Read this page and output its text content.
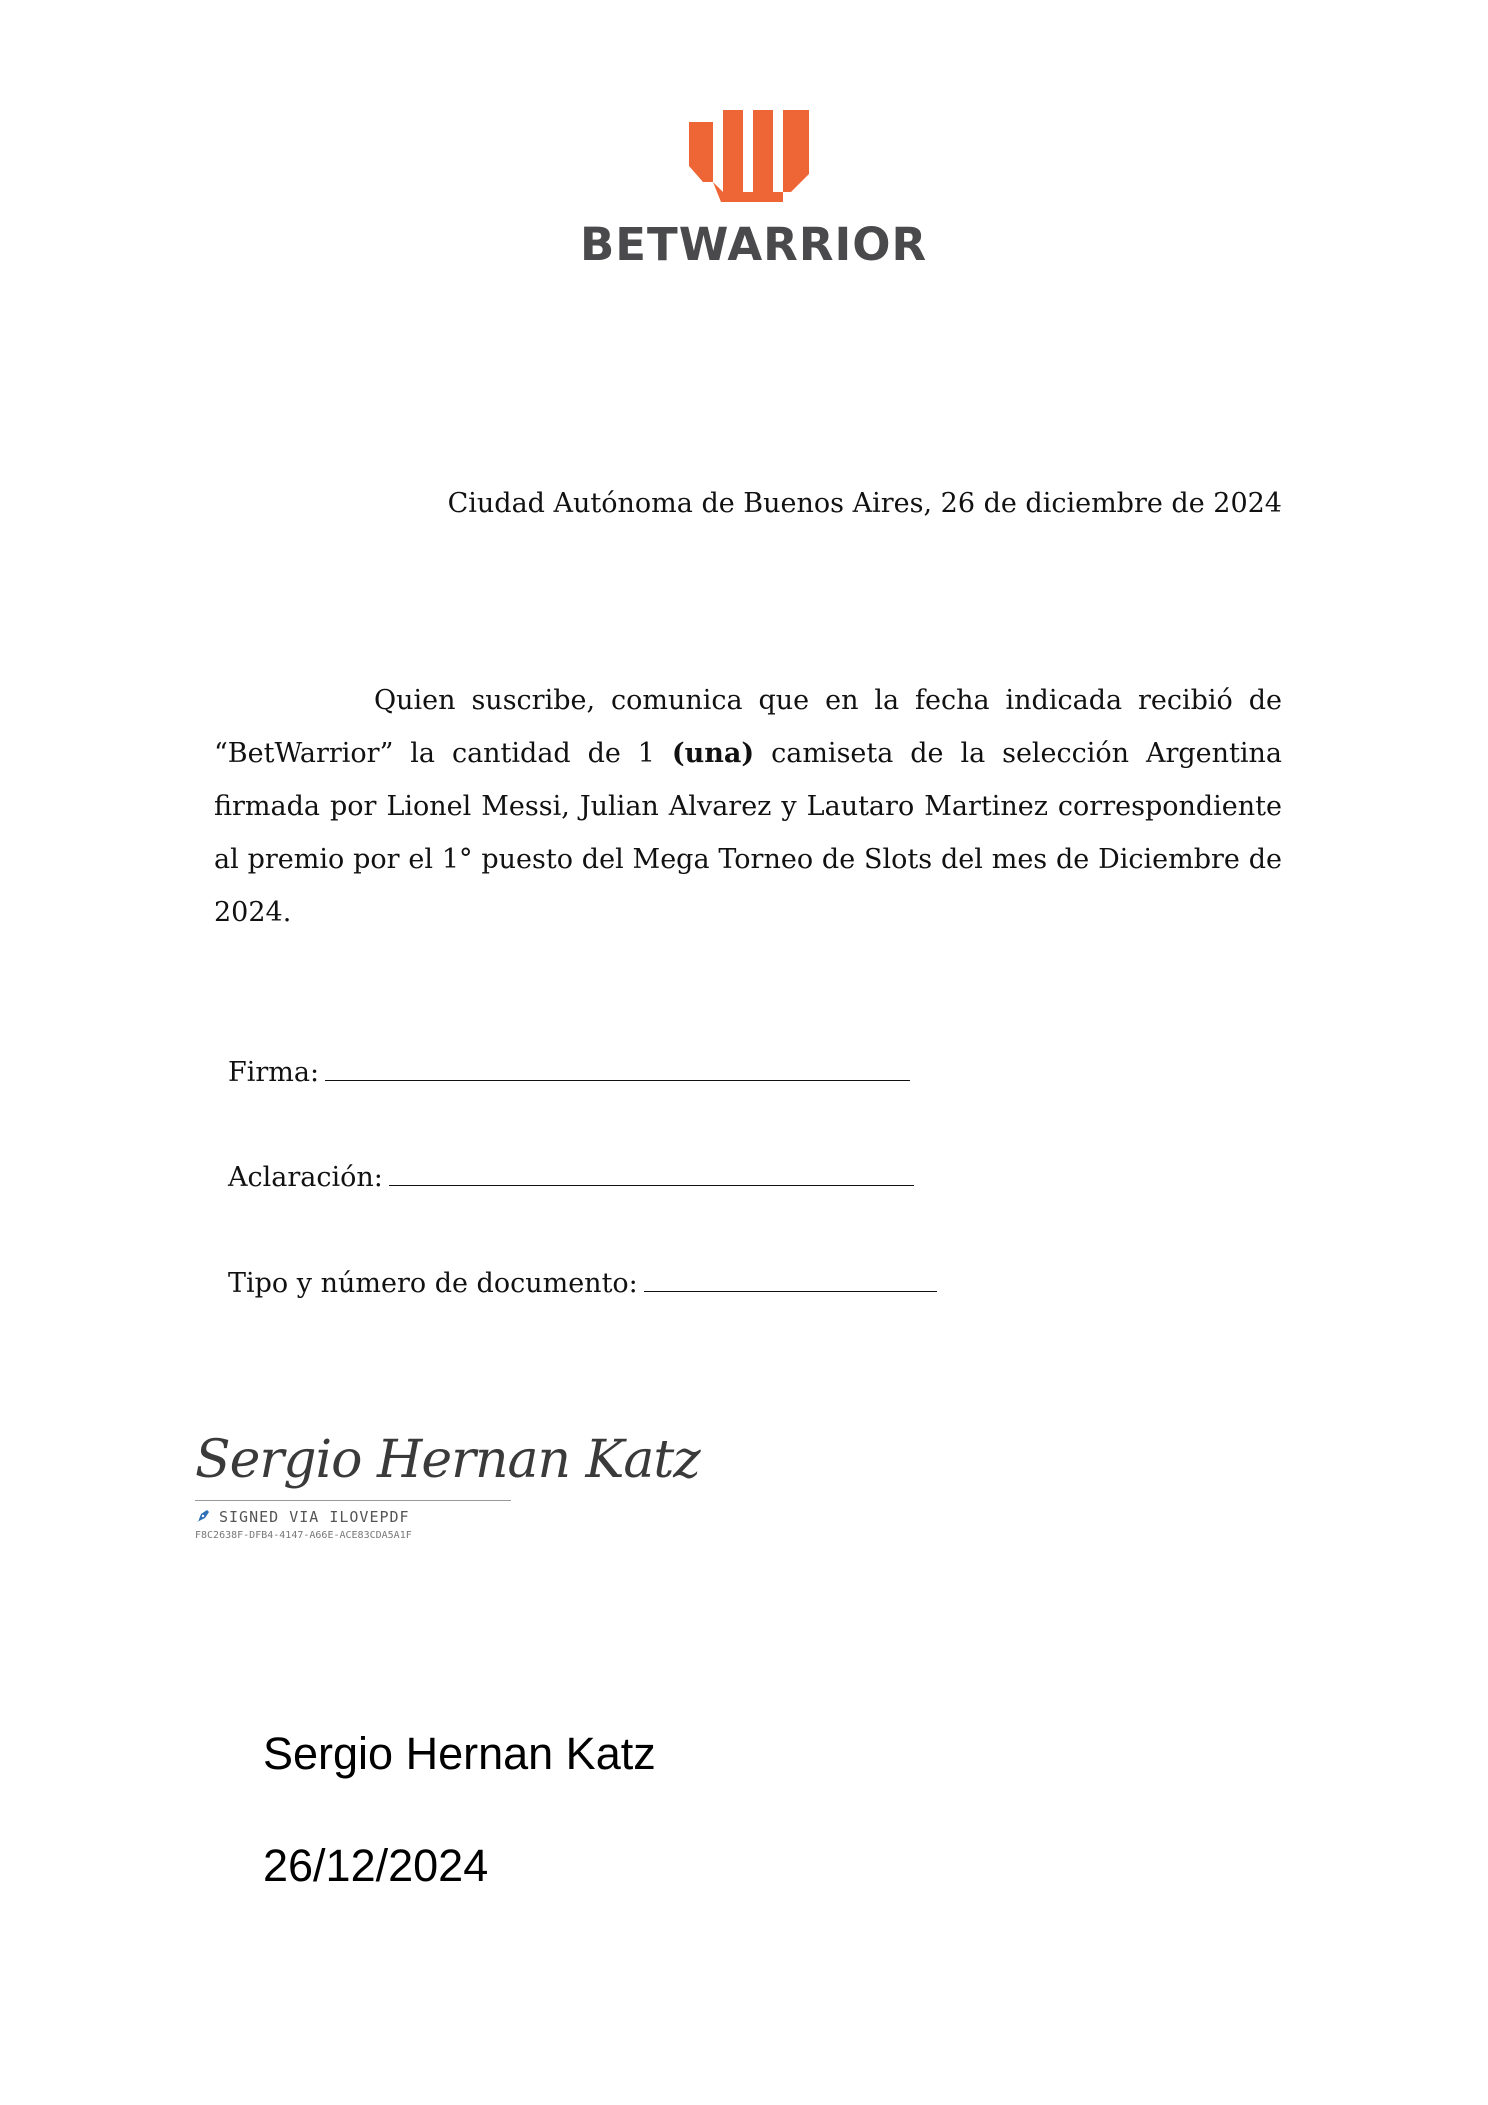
BETWARRIOR
Ciudad Autónoma de Buenos Aires, 26 de diciembre de 2024

Quien suscribe, comunica que en la fecha indicada recibió de “BetWarrior” la cantidad de 1 (una) camiseta de la selección Argentina firmada por Lionel Messi, Julian Alvarez y Lautaro Martinez correspondiente al premio por el 1° puesto del Mega Torneo de Slots del mes de Diciembre de 2024.

Firma:
Aclaración:
Tipo y número de documento:
Sergio Hernan Katz
SIGNED VIA ILOVEPDF
F8C2638F-DFB4-4147-A66E-ACE83CDA5A1F
Sergio Hernan Katz
26/12/2024
